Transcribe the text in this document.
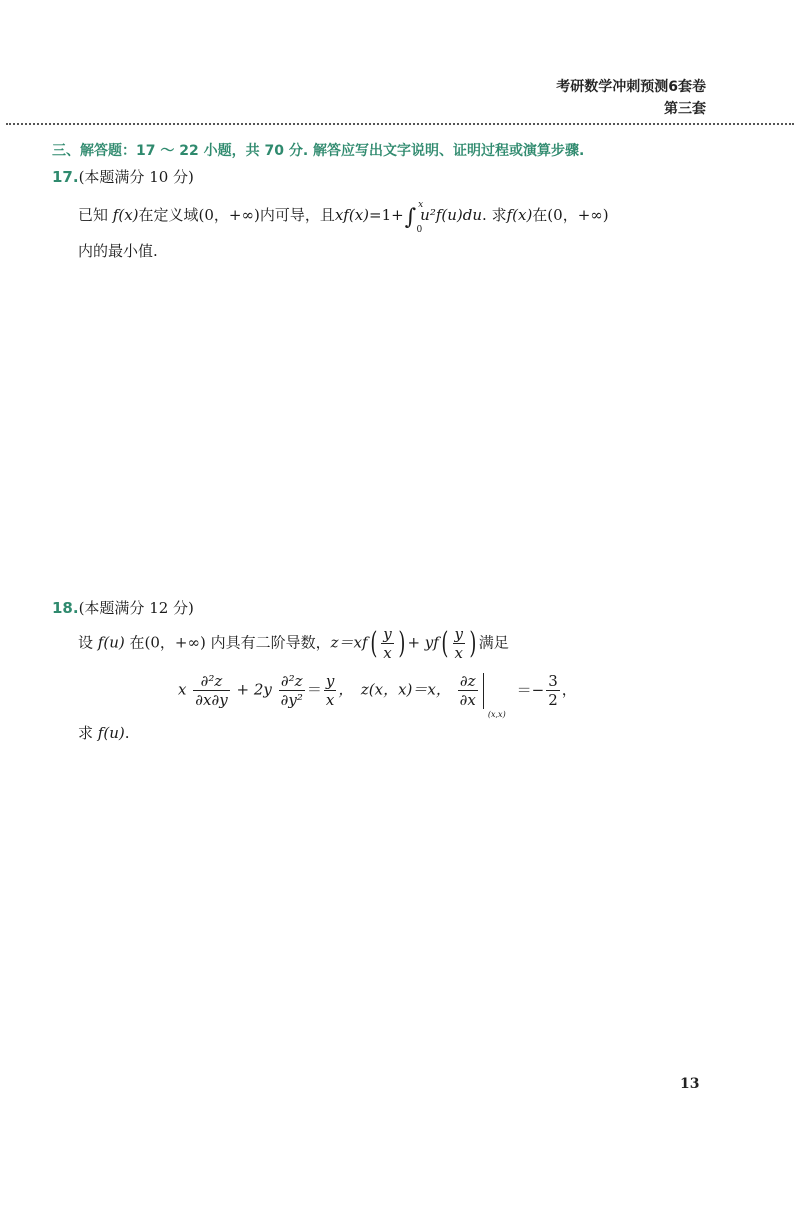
考研数学冲刺预测6套卷
第三套
三、解答题：17 ～ 22 小题，共 70 分. 解答应写出文字说明、证明过程或演算步骤.
17.(本题满分 10 分)
已知 f(x)在定义域(0，+∞)内可导，且xf(x)=1+∫ x
0
u²f(u)du. 求f(x)在(0，+∞)
内的最小值.
18.(本题满分 12 分)
设 f(u) 在(0，+∞) 内具有二阶导数，$z=xf( \frac{y}{x}$ ) + $yf( \frac{y}{x}$ ) 满足
x $\frac{\text{∂²z}}{\partial x\partial y} + 2y \frac{\text{∂²z}}{\text{∂y²}} = \frac{y}{x}$ ，　z(x，x)＝x， $\frac{\partial z}{\partial x}$
(x,x)
＝− $\frac{3}{2}$ ，
求 f(u).
13
